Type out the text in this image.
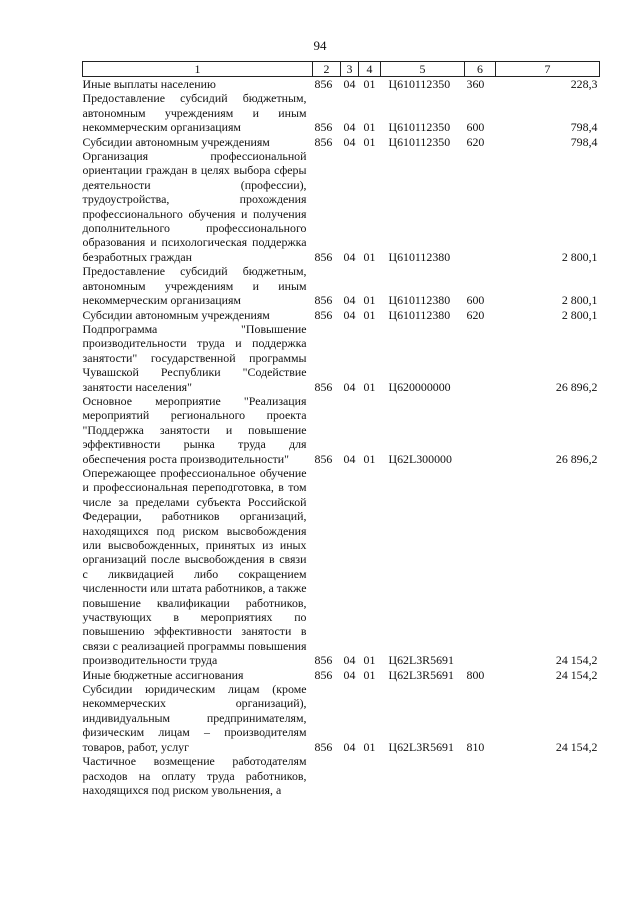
94
1	2	3	4	5	6	7
Иные выплаты населению	856	04	01	Ц610112350	360	228,3
Предоставление субсидий бюджетным, автономным учреждениям и иным некоммерческим организациям	856	04	01	Ц610112350	600	798,4
Субсидии автономным учреждениям	856	04	01	Ц610112350	620	798,4
Организация профессиональной ориентации граждан в целях выбора сферы деятельности (профессии), трудоустройства, прохождения профессионального обучения и получения дополнительного профессионального образования и психологическая поддержка безработных граждан	856	04	01	Ц610112380		2 800,1
Предоставление субсидий бюджетным, автономным учреждениям и иным некоммерческим организациям	856	04	01	Ц610112380	600	2 800,1
Субсидии автономным учреждениям	856	04	01	Ц610112380	620	2 800,1
Подпрограмма "Повышение производительности труда и поддержка занятости" государственной программы Чувашской Республики "Содействие занятости населения"	856	04	01	Ц620000000		26 896,2
Основное мероприятие "Реализация мероприятий регионального проекта "Поддержка занятости и повышение эффективности рынка труда для обеспечения роста производительности"	856	04	01	Ц62L300000		26 896,2
Опережающее профессиональное обучение и профессиональная переподготовка, в том числе за пределами субъекта Российской Федерации, работников организаций, находящихся под риском высвобождения или высвобожденных, принятых из иных организаций после высвобождения в связи с ликвидацией либо сокращением численности или штата работников, а также повышение квалификации работников, участвующих в мероприятиях по повышению эффективности занятости в связи с реализацией программы повышения производительности труда	856	04	01	Ц62L3R5691		24 154,2
Иные бюджетные ассигнования	856	04	01	Ц62L3R5691	800	24 154,2
Субсидии юридическим лицам (кроме некоммерческих организаций), индивидуальным предпринимателям, физическим лицам – производителям товаров, работ, услуг	856	04	01	Ц62L3R5691	810	24 154,2
Частичное возмещение работодателям расходов на оплату труда работников, находящихся под риском увольнения, а						
